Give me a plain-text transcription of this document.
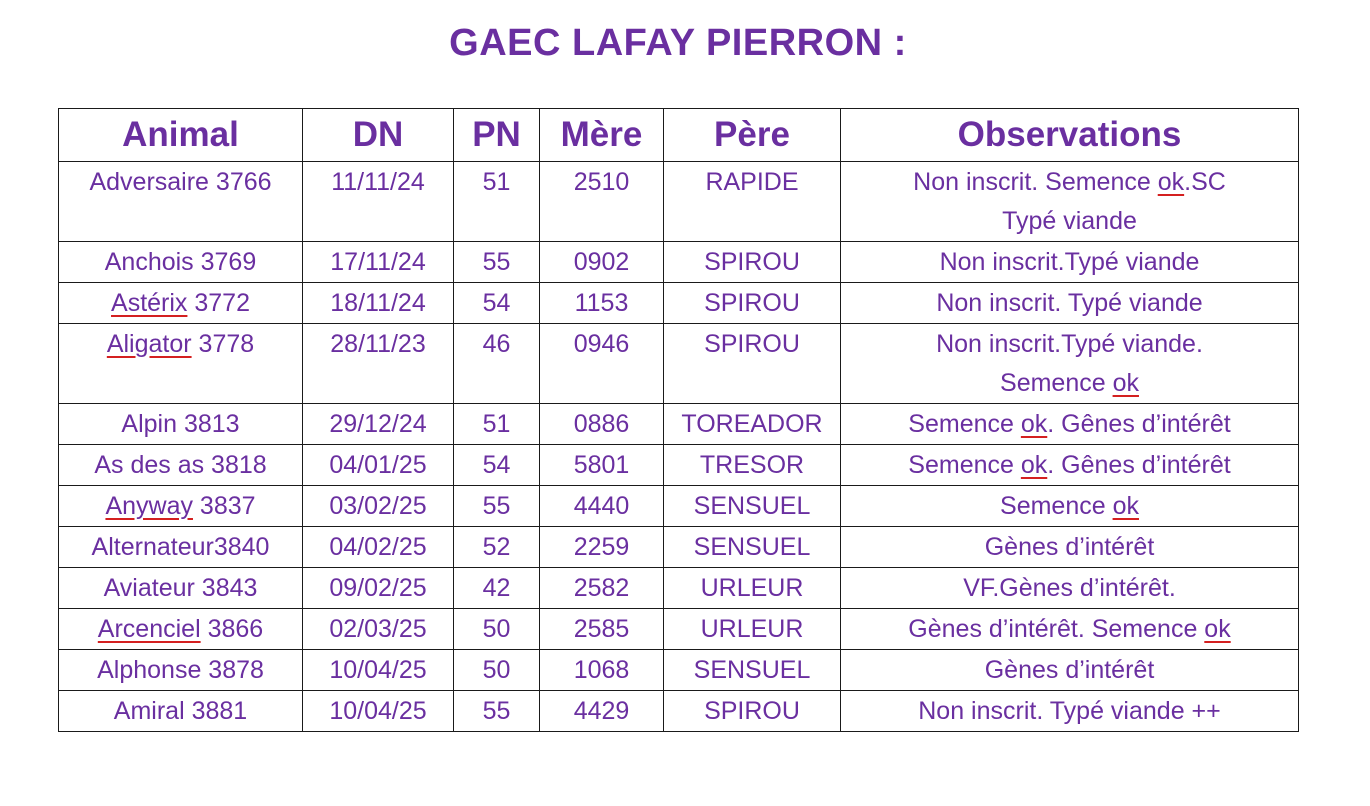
GAEC LAFAY PIERRON :
Animal	DN	PN	Mère	Père	Observations
Adversaire 3766	11/11/24	51	2510	RAPIDE	Non inscrit. Semence ok.SC
Typé viande

Anchois 3769	17/11/24	55	0902	SPIROU	Non inscrit.Typé viande

Astérix 3772	18/11/24	54	1153	SPIROU	Non inscrit. Typé viande

Aligator 3778	28/11/23	46	0946	SPIROU	Non inscrit.Typé viande.
Semence ok

Alpin 3813	29/12/24	51	0886	TOREADOR	Semence ok. Gênes d’intérêt

As des as 3818	04/01/25	54	5801	TRESOR	Semence ok. Gênes d’intérêt

Anyway 3837	03/02/25	55	4440	SENSUEL	Semence ok

Alternateur3840	04/02/25	52	2259	SENSUEL	Gènes d’intérêt

Aviateur 3843	09/02/25	42	2582	URLEUR	VF.Gènes d’intérêt.

Arcenciel 3866	02/03/25	50	2585	URLEUR	Gènes d’intérêt. Semence ok

Alphonse 3878	10/04/25	50	1068	SENSUEL	Gènes d’intérêt

Amiral 3881	10/04/25	55	4429	SPIROU	Non inscrit. Typé viande ++
